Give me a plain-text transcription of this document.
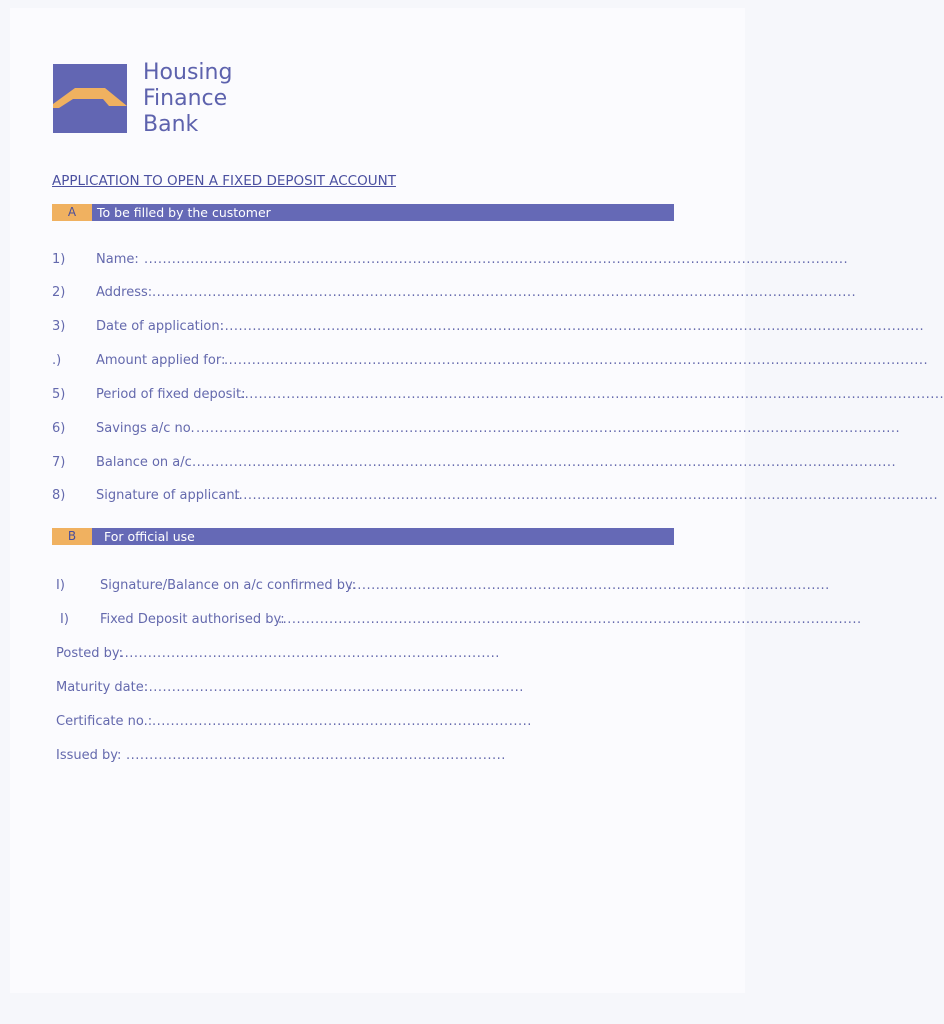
Housing
Finance
Bank
APPLICATION TO OPEN A FIXED DEPOSIT ACCOUNT
A	To be filled by the customer
1) Name: ........................................................................................................................................................
2) Address: ........................................................................................................................................................
3) Date of application:
........................................................................................................................................................
.)	Amount applied for:
........................................................................................................................................................
5) Period of fixed deposit:
........................................................................................................................................................
6) Savings a/c no. ........................................................................................................................................................
7) Balance on a/c ........................................................................................................................................................
8) Signature of applicant
........................................................................................................................................................
B	For official use
I)	Signature/Balance on a/c confirmed by:
........................................................................................................
I) Fixed Deposit authorised by:
..............................................................................................................................
Posted by:
..................................................................................
Maturity date:
..................................................................................
Certificate no.: ..................................................................................
Issued by: ..................................................................................
